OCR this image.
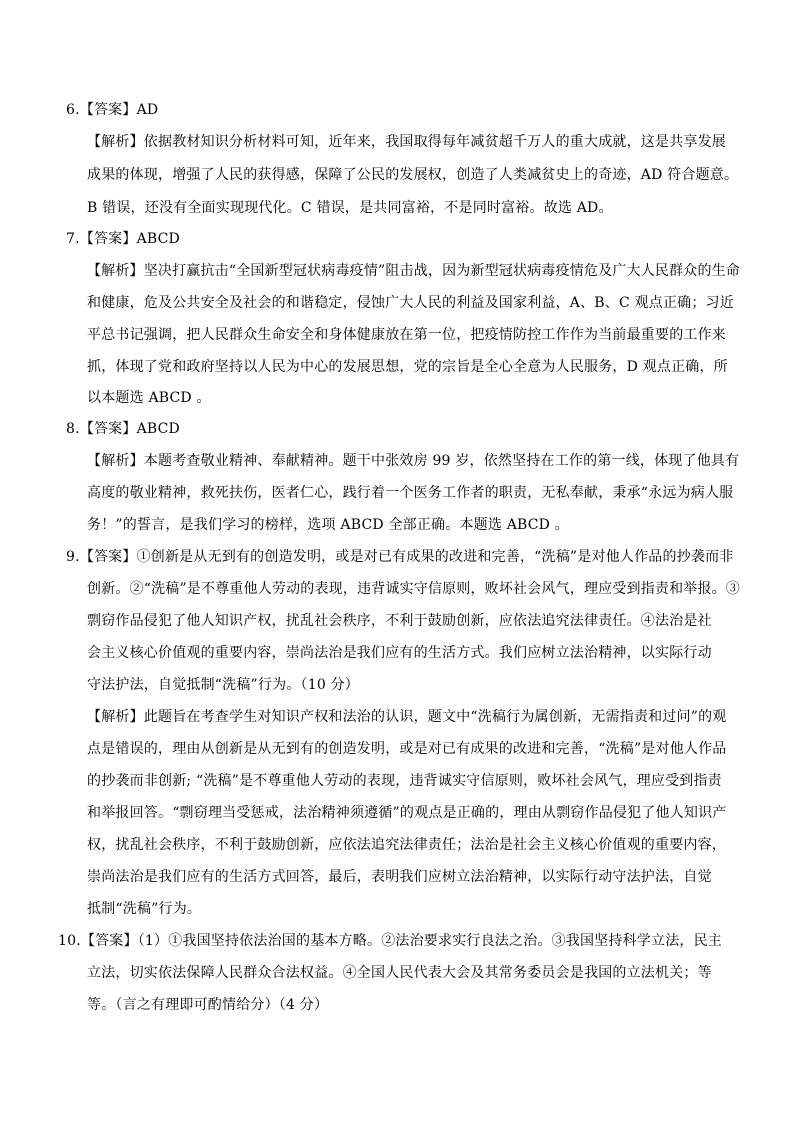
6.【答案】AD
【解析】依据教材知识分析材料可知，近年来，我国取得每年减贫超千万人的重大成就，这是共享发展
成果的体现，增强了人民的获得感，保障了公民的发展权，创造了人类减贫史上的奇迹，AD 符合题意。
B 错误，还没有全面实现现代化。C 错误，是共同富裕，不是同时富裕。故选 AD。
7.【答案】ABCD
【解析】坚决打赢抗击“全国新型冠状病毒疫情”阻击战，因为新型冠状病毒疫情危及广大人民群众的生命
和健康，危及公共安全及社会的和谐稳定，侵蚀广大人民的利益及国家利益，A、B、C 观点正确；习近
平总书记强调，把人民群众生命安全和身体健康放在第一位，把疫情防控工作作为当前最重要的工作来
抓，体现了党和政府坚持以人民为中心的发展思想，党的宗旨是全心全意为人民服务，D 观点正确，所
以本题选 ABCD 。
8.【答案】ABCD
【解析】本题考查敬业精神、奉献精神。题干中张效房 99 岁，依然坚持在工作的第一线，体现了他具有
高度的敬业精神，救死扶伤，医者仁心，践行着一个医务工作者的职责，无私奉献，秉承“永远为病人服
务！”的誓言，是我们学习的榜样，选项 ABCD 全部正确。本题选 ABCD 。
9.【答案】①创新是从无到有的创造发明，或是对已有成果的改进和完善，“洗稿”是对他人作品的抄袭而非
创新。②“洗稿”是不尊重他人劳动的表现，违背诚实守信原则，败坏社会风气，理应受到指责和举报。③
剽窃作品侵犯了他人知识产权，扰乱社会秩序，不利于鼓励创新，应依法追究法律责任。④法治是社
会主义核心价值观的重要内容，崇尚法治是我们应有的生活方式。我们应树立法治精神，以实际行动
守法护法，自觉抵制“洗稿”行为。（10 分）
【解析】此题旨在考查学生对知识产权和法治的认识，题文中“洗稿行为属创新，无需指责和过问”的观
点是错误的，理由从创新是从无到有的创造发明，或是对已有成果的改进和完善，“洗稿”是对他人作品
的抄袭而非创新; “洗稿”是不尊重他人劳动的表现，违背诚实守信原则，败坏社会风气，理应受到指责
和举报回答。“剽窃理当受惩戒，法治精神须遵循”的观点是正确的，理由从剽窃作品侵犯了他人知识产
权，扰乱社会秩序，不利于鼓励创新，应依法追究法律责任；法治是社会主义核心价值观的重要内容，
崇尚法治是我们应有的生活方式回答，最后，表明我们应树立法治精神，以实际行动守法护法，自觉
抵制“洗稿”行为。
10.【答案】（1）①我国坚持依法治国的基本方略。②法治要求实行良法之治。③我国坚持科学立法，民主
立法，切实依法保障人民群众合法权益。④全国人民代表大会及其常务委员会是我国的立法机关；等
等。（言之有理即可酌情给分）（4 分）
